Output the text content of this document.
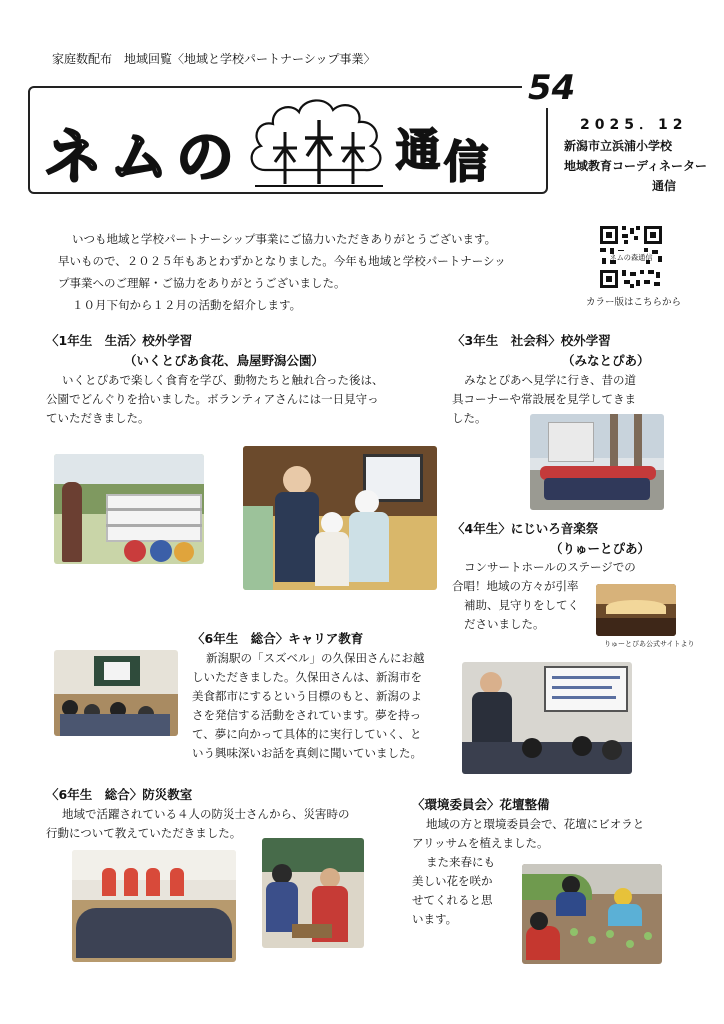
家庭数配布　地域回覧〈地域と学校パートナーシップ事業〉
ネ ム の	通 信
54
2025．12
新潟市立浜浦小学校
地域教育コーディネーター
通信
いつも地域と学校パートナーシップ事業にご協力いただきありがとうございます。
早いもので、２０２５年もあとわずかとなりました。今年も地域と学校パートナーシッ
プ事業へのご理解・ご協力をありがとうございました。
１０月下旬から１２月の活動を紹介します。
ネムの森通信
カラー版はこちらから
〈1年生　生活〉校外学習
（いくとぴあ食花、鳥屋野潟公園）
いくとぴあで楽しく食育を学び、動物たちと触れ合った後は、
公園でどんぐりを拾いました。ボランティアさんには一日見守っ
ていただきました。
〈3年生　社会科〉校外学習
（みなとぴあ）
みなとぴあへ見学に行き、昔の道
具コーナーや常設展を見学してきま
した。
〈4年生〉にじいろ音楽祭
（りゅーとぴあ）
コンサートホールのステージでの
合唱！地域の方々が引率
補助、見守りをしてく
ださいました。
りゅーとぴあ公式サイトより
〈6年生　総合〉キャリア教育
新潟駅の「スズベル」の久保田さんにお越
しいただきました。久保田さんは、新潟市を
美食都市にするという目標のもと、新潟のよ
さを発信する活動をされています。夢を持っ
て、夢に向かって具体的に実行していく、と
いう興味深いお話を真剣に聞いていました。
〈6年生　総合〉防災教室
地域で活躍されている４人の防災士さんから、災害時の
行動について教えていただきました。
〈環境委員会〉花壇整備
地域の方と環境委員会で、花壇にビオラと
アリッサムを植えました。
また来春にも
美しい花を咲か
せてくれると思
います。
